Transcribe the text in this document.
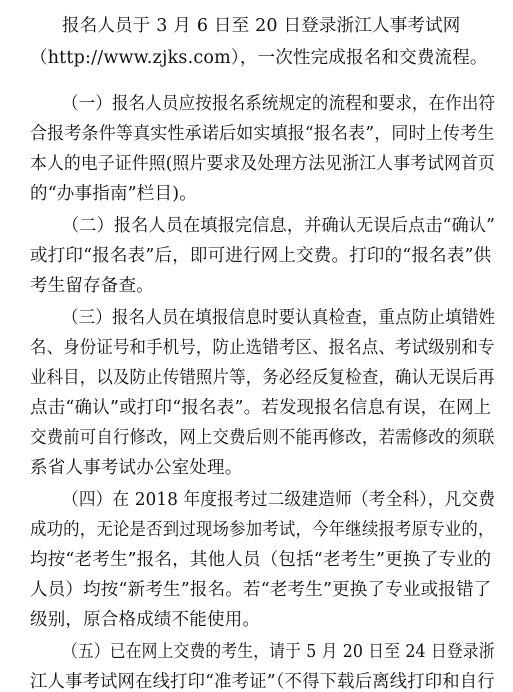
报名人员于 3 月 6 日至 20 日登录浙江人事考试网
（http://www.zjks.com），一次性完成报名和交费流程。
（一）报名人员应按报名系统规定的流程和要求，在作出符
合报考条件等真实性承诺后如实填报“报名表”，同时上传考生
本人的电子证件照(照片要求及处理方法见浙江人事考试网首页
的“办事指南”栏目)。
（二）报名人员在填报完信息，并确认无误后点击“确认”
或打印“报名表”后，即可进行网上交费。打印的“报名表”供
考生留存备查。
（三）报名人员在填报信息时要认真检查，重点防止填错姓
名、身份证号和手机号，防止选错考区、报名点、考试级别和专
业科目，以及防止传错照片等，务必经反复检查，确认无误后再
点击“确认”或打印“报名表”。若发现报名信息有误，在网上
交费前可自行修改，网上交费后则不能再修改，若需修改的须联
系省人事考试办公室处理。
（四）在 2018 年度报考过二级建造师（考全科），凡交费
成功的，无论是否到过现场参加考试，今年继续报考原专业的，
均按“老考生”报名，其他人员（包括“老考生”更换了专业的
人员）均按“新考生”报名。若“老考生”更换了专业或报错了
级别，原合格成绩不能使用。
（五）已在网上交费的考生，请于 5 月 20 日至 24 日登录浙
江人事考试网在线打印“准考证”（不得下载后离线打印和自行
